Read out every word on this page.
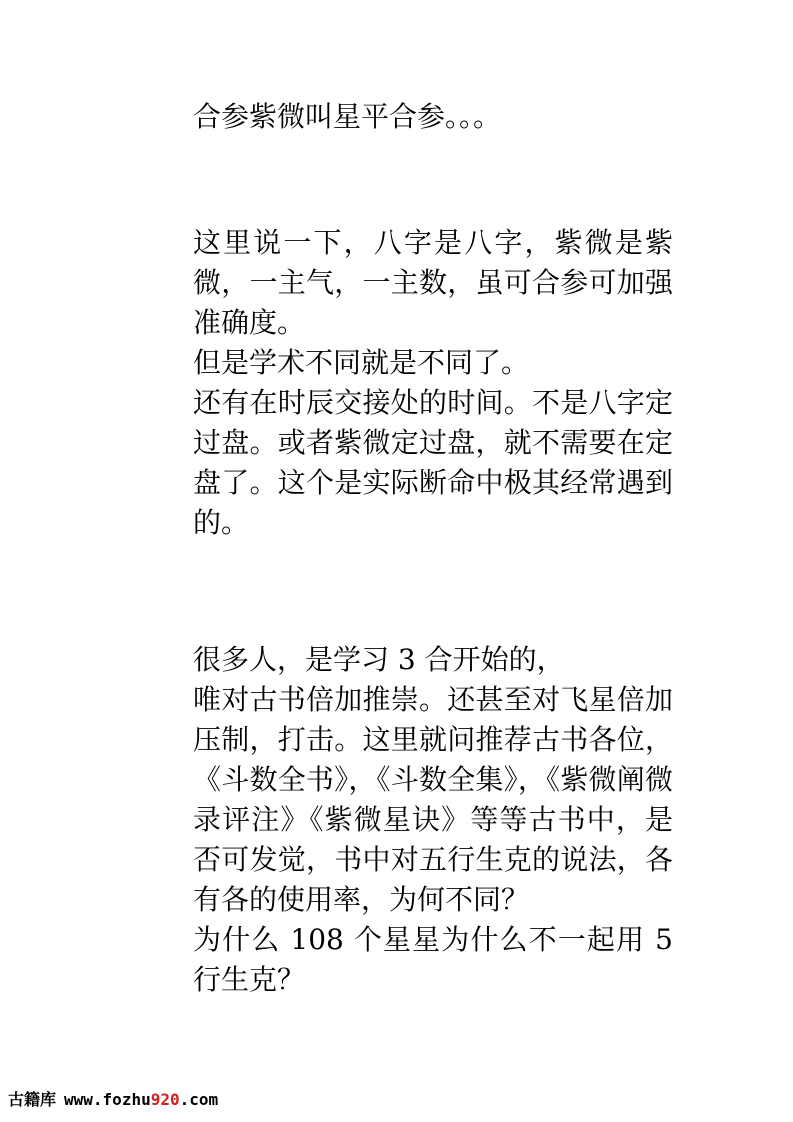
合参紫微叫星平合参。。。

这里说一下，八字是八字，紫微是紫微，一主气，一主数，虽可合参可加强准确度。

但是学术不同就是不同了。

还有在时辰交接处的时间。不是八字定过盘。或者紫微定过盘，就不需要在定盘了。这个是实际断命中极其经常遇到的。

很多人，是学习 3 合开始的，

唯对古书倍加推崇。还甚至对飞星倍加压制，打击。这里就问推荐古书各位，《斗数全书》，《斗数全集》，《紫微阐微录评注》《紫微星诀》等等古书中，是否可发觉，书中对五行生克的说法，各有各的使用率，为何不同？

为什么 108 个星星为什么不一起用 5 行生克？

古籍库 www.fozhu920.com
